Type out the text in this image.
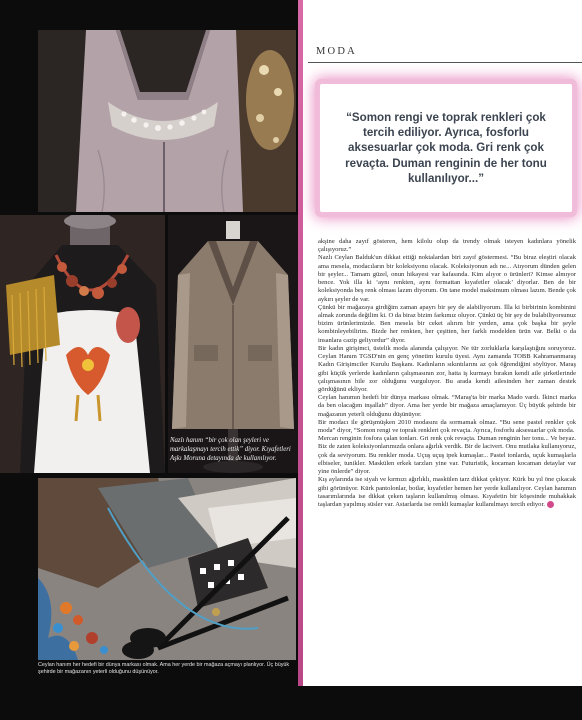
Nazlı hanım “bir çok olan şeyleri ve markalaşmayı tercih ettik” diyor. Kıyafetleri Aşkı Moruna detayında de kullanılıyor.

Ceylan hanım her hedefi bir dünya markası olmak. Ama her yerde bir mağaza açmayı planlıyor. Üç büyük şehirde bir mağazanın yeterli olduğunu düşünüyor.

MODA

“Somon rengi ve toprak renkleri çok tercih ediliyor. Ayrıca, fosforlu aksesuarlar çok moda. Gri renk çok revaçta. Duman renginin de her tonu kullanılıyor...”

akşine daha zayıf gösteren, hem kilolu olup da trendy olmak isteyen kadınlara yönelik çalışıyoruz.”

Nazlı Ceylan Balduk'un dikkat ettiği noktalardan biri zayıf göstermesi. “Bu biraz eleştiri olacak ama mesela, modacıların bir koleksiyonu olacak. Koleksiyonun adı ne... Atıyorum dünden gelen bir şeyler... Tamam güzel, onun hikayesi var kafasında. Kim alıyor o ürünleri? Kimse almıyor bence. Yok illa ki ‘aynı renkten, aynı formattan kıyafetler olacak’ diyorlar. Ben de bir koleksiyonda beş renk olması lazım diyorum. On tane model maksimum olması lazım. Bende çok aykırı şeyler de var.

Çünkü bir mağazaya girdiğim zaman apayrı bir şey de alabiliyorum. İlla ki birbirinin kombinini almak zorunda değilim ki. O da biraz bizim farkımız oluyor. Çünkü üç bir şey de bulabiliyorsunuz bizim ürünlerimizde. Ben mesela bir ceket alırım bir yerden, ama çok başka bir şeyle kombinleyebilirim. Bizde her renkten, her çeşitten, her farklı modelden ürün var. Belki o da insanlara cazip geliyordur” diyor.

Bir kadın girişimci, üstelik moda alanında çalışıyor. Ne tür zorluklarla karşılaştığını soruyoruz. Ceylan Hanım TGSD'nin en genç yönetim kurulu üyesi. Aynı zamanda TOBB Kahramanmaraş Kadın Girişimciler Kurulu Başkanı. Kadınların sıkıntılarını az çok öğrendiğini söylüyor. Maraş gibi küçük yerlerde kadınların çalışmasının zor, hatta iş kurmayı bırakın kendi aile şirketlerinde çalışmasının bile zor olduğunu vurguluyor. Bu arada kendi ailesinden her zaman destek gördüğünü ekliyor.

Ceylan hanımın hedefi bir dünya markası olmak. “Maraş'ta bir marka Mado vardı. İkinci marka da ben olacağım inşallah” diyor. Ama her yerde bir mağaza amaçlamıyor. Üç büyük şehirde bir mağazanın yeterli olduğunu düşünüyor.

Bir modacı ile görüşmüşken 2010 modasını da sormamak olmaz. “Bu sene pastel renkler çok moda” diyor, “Somon rengi ve toprak renkleri çok revaçta. Ayrıca, fosforlu aksesuarlar çok moda.

Mercan renginin fosfora çalan tonları. Gri renk çok revaçta. Duman renginin her tonu... Ve beyaz. Biz de zaten koleksiyonlarımızda onlara ağırlık verdik. Bir de lacivert. Onu mutlaka kullanıyoruz, çok da seviyorum. Bu renkler moda. Uçuş uçuş ipek kumaşlar... Pastel tonlarda, uçuk kumaşlarla elbiseler, tunikler. Maskülen erkek tarzları yine var. Futuristik, kocaman kocaman detaylar var yine önlerde” diyor.

Kış aylarında ise siyah ve kırmızı ağırlıklı, maskülen tarz dikkat çekiyor. Kürk bu yıl öne çıkacak gibi görünüyor. Kürk pantolonlar, botlar, kıyafetler hemen her yerde kullanılıyor. Ceylan hanımın tasarımlarında ise dikkat çeken taşların kullanılmış olması. Kıyafetin bir köşesinde muhakkak taşlardan yapılmış süsler var. Astarlarda ise renkli kumaşlar kullanılmayı tercih ediyor.
